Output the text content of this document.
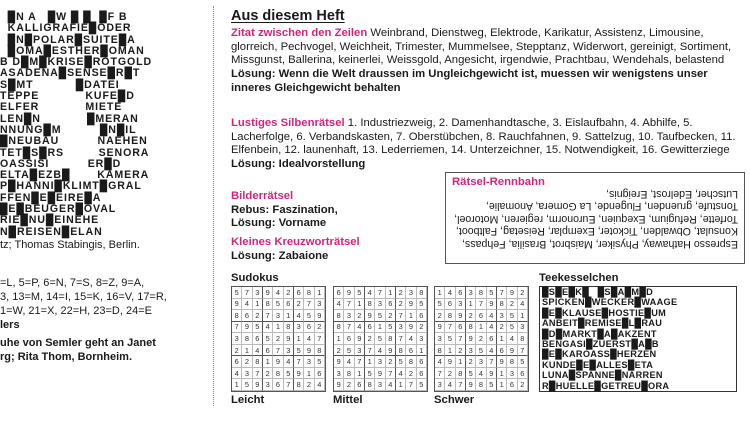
█N A   █W █ █  █F B
KALLIGRAFIE█ODER
█N█POLAR█SUITE█A
█OMA█ESTHER█OMAN
B D█M█KRISE█ROTGOLD
ASADENA█SENSE█R█T
S█MT           █DATEI
TEPPE            KUFE█D
ELFER            MIETE
LEN█N            █MERAN
NNUNG█M          █N█IL
█NEUBAU          NAEHEN
TET█S█RS         SENORA
OASSISI          ER█D
ELTA█EZB█       KAMERA
P█HANNI█KLIMT█GRAL
FFEN█E█EIRE█A
█E█BEUGER█OVAL
RIE█NU█EINEHE
N█REISEN█ELAN
tz; Thomas Stabingis, Berlin.
=L, 5=P, 6=N, 7=S, 8=Z, 9=A,
3, 13=M, 14=I, 15=K, 16=V, 17=R,
1=W, 21=X, 22=H, 23=D, 24=E
lers
uhe von Semler geht an Janet
rg; Rita Thom, Bornheim.
Aus diesem Heft
Zitat zwischen den Zeilen Weinbrand, Dienstweg, Elektrode, Karikatur, Assistenz, Limousine, glorreich, Pechvogel, Weichheit, Trimester, Mummelsee, Stepptanz, Widerwort, gereinigt, Sortiment, Missgunst, Ballerina, keinerlei, Weissgold, Angesicht, irgendwie, Prachtbau, Wendehals, belastend
Lösung: Wenn die Welt draussen im Ungleichgewicht ist, muessen wir wenigstens unser inneres Gleichgewicht behalten
Lustiges Silbenrätsel 1. Industriezweig, 2. Damenhandtasche, 3. Eislaufbahn, 4. Abhilfe, 5. Lacherfolge, 6. Verbandskasten, 7. Oberstübchen, 8. Rauchfahnen, 9. Sattelzug, 10. Taufbecken, 11. Elfenbein, 12. launenhaft, 13. Lederriemen, 14. Unterzeichner, 15. Notwendigkeit, 16. Gewitterziege
Lösung: Idealvorstellung
Bilderrätsel
Rebus: Faszination,
Lösung: Vorname
Kleines Kreuzworträtsel
Lösung: Zabaione
Rätsel-Rennbahn
Espresso Hathaway, Physiker, Maisbrot, Brasilia, Fehpass, Konsulat, Obwalden, Tickoter, Exemplar, Reisetag, Faltboot, Torfette, Refugium, Exequien, Euronorm, regieren, Motoroel, Tonstufe, gruenden, Flugende, La Gomera, Anomalie, Lutscher, Edelrost, Ereignis,
Sudokus
5 7 3 9 4 2 6 8 1
9 4 1 8 5 6 2 7 3
8 6 2 7 3 1 4 5 9
7 9 5 4 1 8 3 6 2
3 8 6 5 2 9 1 4 7
2 1 4 6 7 3 5 9 8
6 2 8 1 9 4 7 3 5
4 3 7 2 8 5 9 1 6
1 5 9 3 6 7 8 2 4
6 9 5 4 7 1 2 3 8
4 7 1 8 3 6 2 9 5
8 3 2 9 5 2 7 1 6
8 7 4 6 1 5 3 9 2
1 6 9 2 5 8 7 4 3
2 5 3 7 4 9 8 6 1
9 4 7 1 3 2 5 8 6
3 8 1 5 9 7 4 2 6
9 2 6 8 3 4 1 7 5
1 4 6 3 8 5 7 9 2
5 6 3 1 7 9 8 2 4
2 8 9 2 6 4 3 5 1
9 7 6 8 1 4 2 5 3
3 5 7 9 2 6 1 4 8
8 1 2 3 5 4 6 9 7
4 9 1 2 3 7 9 8 5
7 2 8 5 4 9 1 3 6
3 4 7 9 8 5 1 6 2
Leicht	Mittel	Schwer
Teekesselchen
█S█E█K█   █S█A█M█D
SPICKEN█WECKER█WAAGE
█E█KLAUSE█HOSTIE█UM
ANBEIT█REMISE█L█RAU
█D█MARKT█A█AKZENT
BENGASI█ZUERST█A█B
█E█KAROASS█HERZEN
KUNDE█E█ALLES█ETA
LUNA█SPANNE█NARREN
R█HUELLE█GETREU█ORA
